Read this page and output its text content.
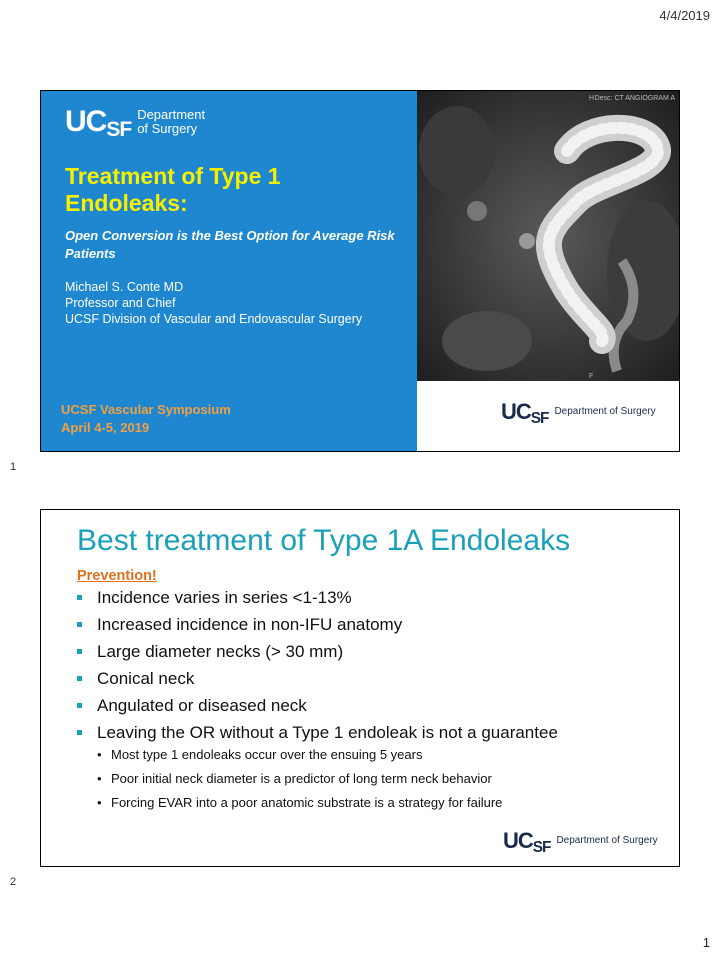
4/4/2019
UCSF
Department
of Surgery
Treatment of Type 1 Endoleaks:
Open Conversion is the Best Option for Average Risk Patients
Michael S. Conte MD
Professor and Chief
UCSF Division of Vascular and Endovascular Surgery
UCSF Vascular Symposium
April 4-5, 2019
Desc: CT ANGIOGRAM A
H
F
UCSF Department of Surgery
1
Best treatment of Type 1A Endoleaks
Prevention!
Incidence varies in series <1-13%
Increased incidence in non-IFU anatomy
Large diameter necks (> 30 mm)
Conical neck
Angulated or diseased neck
Leaving the OR without a Type 1 endoleak is not a guarantee
• Most type 1 endoleaks occur over the ensuing 5 years
• Poor initial neck diameter is a predictor of long term neck behavior
• Forcing EVAR into a poor anatomic substrate is a strategy for failure
UCSF Department of Surgery
2
1
